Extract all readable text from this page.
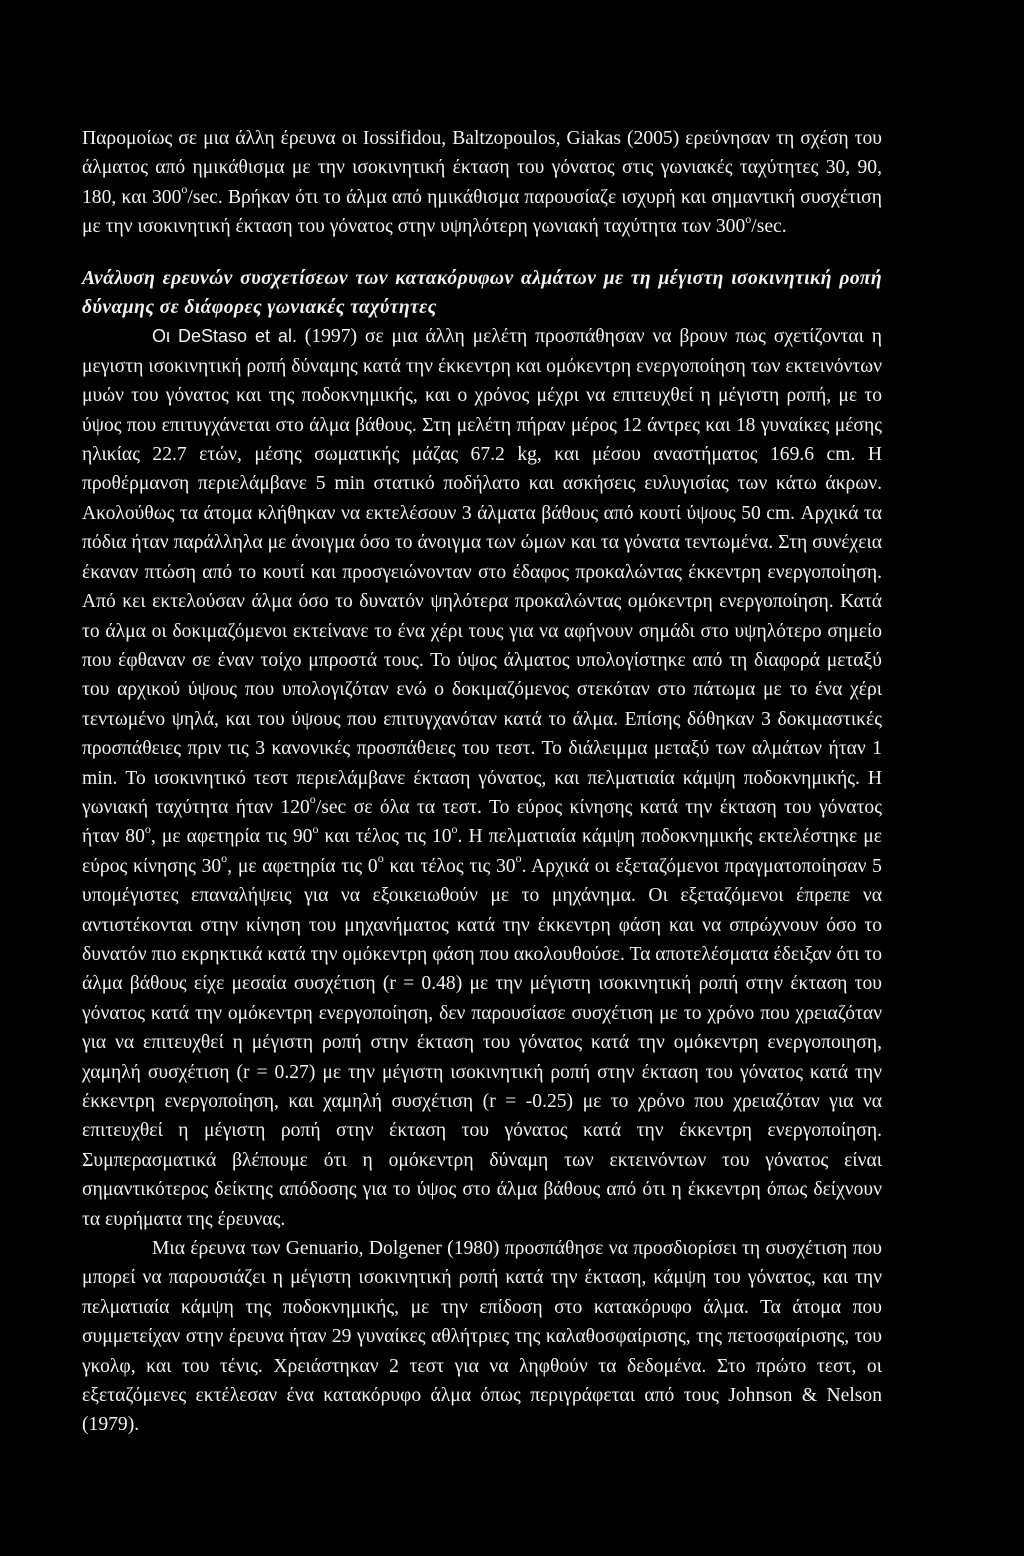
Παρομοίως σε μια άλλη έρευνα οι Iossifidou, Baltzopoulos, Giakas (2005) ερεύνησαν τη σχέση του άλματος από ημικάθισμα με την ισοκινητική έκταση του γόνατος στις γωνιακές ταχύτητες 30, 90, 180, και $300^o/\sec$. Βρήκαν ότι το άλμα από ημικάθισμα παρουσίαζε ισχυρή και σημαντική συσχέτιση με την ισοκινητική έκταση του γόνατος στην υψηλότερη γωνιακή ταχύτητα των $300^o/\sec$.

Ανάλυση ερευνών συσχετίσεων των κατακόρυφων αλμάτων με τη μέγιστη ισοκινητική ροπή δύναμης σε διάφορες γωνιακές ταχύτητες

Οι DeStaso et al. (1997) σε μια άλλη μελέτη προσπάθησαν να βρουν πως σχετίζονται η μεγιστη ισοκινητική ροπή δύναμης κατά την έκκεντρη και ομόκεντρη ενεργοποίηση των εκτεινόντων μυών του γόνατος και της ποδοκνημικής, και ο χρόνος μέχρι να επιτευχθεί η μέγιστη ροπή, με το ύψος που επιτυγχάνεται στο άλμα βάθους. Στη μελέτη πήραν μέρος 12 άντρες και 18 γυναίκες μέσης ηλικίας 22.7 ετών, μέσης σωματικής μάζας 67.2 kg, και μέσου αναστήματος 169.6 cm. Η προθέρμανση περιελάμβανε 5 min στατικό ποδήλατο και ασκήσεις ευλυγισίας των κάτω άκρων. Ακολούθως τα άτομα κλήθηκαν να εκτελέσουν 3 άλματα βάθους από κουτί ύψους 50 cm. Αρχικά τα πόδια ήταν παράλληλα με άνοιγμα όσο το άνοιγμα των ώμων και τα γόνατα τεντωμένα. Στη συνέχεια έκαναν πτώση από το κουτί και προσγειώνονταν στο έδαφος προκαλώντας έκκεντρη ενεργοποίηση. Από κει εκτελούσαν άλμα όσο το δυνατόν ψηλότερα προκαλώντας ομόκεντρη ενεργοποίηση. Κατά το άλμα οι δοκιμαζόμενοι εκτείνανε το ένα χέρι τους για να αφήνουν σημάδι στο υψηλότερο σημείο που έφθαναν σε έναν τοίχο μπροστά τους. Το ύψος άλματος υπολογίστηκε από τη διαφορά μεταξύ του αρχικού ύψους που υπολογιζόταν ενώ ο δοκιμαζόμενος στεκόταν στο πάτωμα με το ένα χέρι τεντωμένο ψηλά, και του ύψους που επιτυγχανόταν κατά το άλμα. Επίσης δόθηκαν 3 δοκιμαστικές προσπάθειες πριν τις 3 κανονικές προσπάθειες του τεστ. Το διάλειμμα μεταξύ των αλμάτων ήταν 1 min. Το ισοκινητικό τεστ περιελάμβανε έκταση γόνατος, και πελματιαία κάμψη ποδοκνημικής. Η γωνιακή ταχύτητα ήταν $120^o/\sec$ σε όλα τα τεστ. Το εύρος κίνησης κατά την έκταση του γόνατος ήταν $80^o$, με αφετηρία τις $90^o$ και τέλος τις $10^o$. Η πελματιαία κάμψη ποδοκνημικής εκτελέστηκε με εύρος κίνησης $30^o$, με αφετηρία τις $0^o$ και τέλος τις $30^o$. Αρχικά οι εξεταζόμενοι πραγματοποίησαν 5 υπομέγιστες επαναλήψεις για να εξοικειωθούν με το μηχάνημα. Οι εξεταζόμενοι έπρεπε να αντιστέκονται στην κίνηση του μηχανήματος κατά την έκκεντρη φάση και να σπρώχνουν όσο το δυνατόν πιο εκρηκτικά κατά την ομόκεντρη φάση που ακολουθούσε. Τα αποτελέσματα έδειξαν ότι το άλμα βάθους είχε μεσαία συσχέτιση (r = 0.48) με την μέγιστη ισοκινητική ροπή στην έκταση του γόνατος κατά την ομόκεντρη ενεργοποίηση, δεν παρουσίασε συσχέτιση με το χρόνο που χρειαζόταν για να επιτευχθεί η μέγιστη ροπή στην έκταση του γόνατος κατά την ομόκεντρη ενεργοποιηση, χαμηλή συσχέτιση (r = 0.27) με την μέγιστη ισοκινητική ροπή στην έκταση του γόνατος κατά την έκκεντρη ενεργοποίηση, και χαμηλή συσχέτιση (r = -0.25) με το χρόνο που χρειαζόταν για να επιτευχθεί η μέγιστη ροπή στην έκταση του γόνατος κατά την έκκεντρη ενεργοποίηση. Συμπερασματικά βλέπουμε ότι η ομόκεντρη δύναμη των εκτεινόντων του γόνατος είναι σημαντικότερος δείκτης απόδοσης για το ύψος στο άλμα βάθους από ότι η έκκεντρη όπως δείχνουν τα ευρήματα της έρευνας.

Μια έρευνα των Genuario, Dolgener (1980) προσπάθησε να προσδιορίσει τη συσχέτιση που μπορεί να παρουσιάζει η μέγιστη ισοκινητική ροπή κατά την έκταση, κάμψη του γόνατος, και την πελματιαία κάμψη της ποδοκνημικής, με την επίδοση στο κατακόρυφο άλμα. Τα άτομα που συμμετείχαν στην έρευνα ήταν 29 γυναίκες αθλήτριες της καλαθοσφαίρισης, της πετοσφαίρισης, του γκολφ, και του τένις. Χρειάστηκαν 2 τεστ για να ληφθούν τα δεδομένα. Στο πρώτο τεστ, οι εξεταζόμενες εκτέλεσαν ένα κατακόρυφο άλμα όπως περιγράφεται από τους Johnson & Nelson (1979).
